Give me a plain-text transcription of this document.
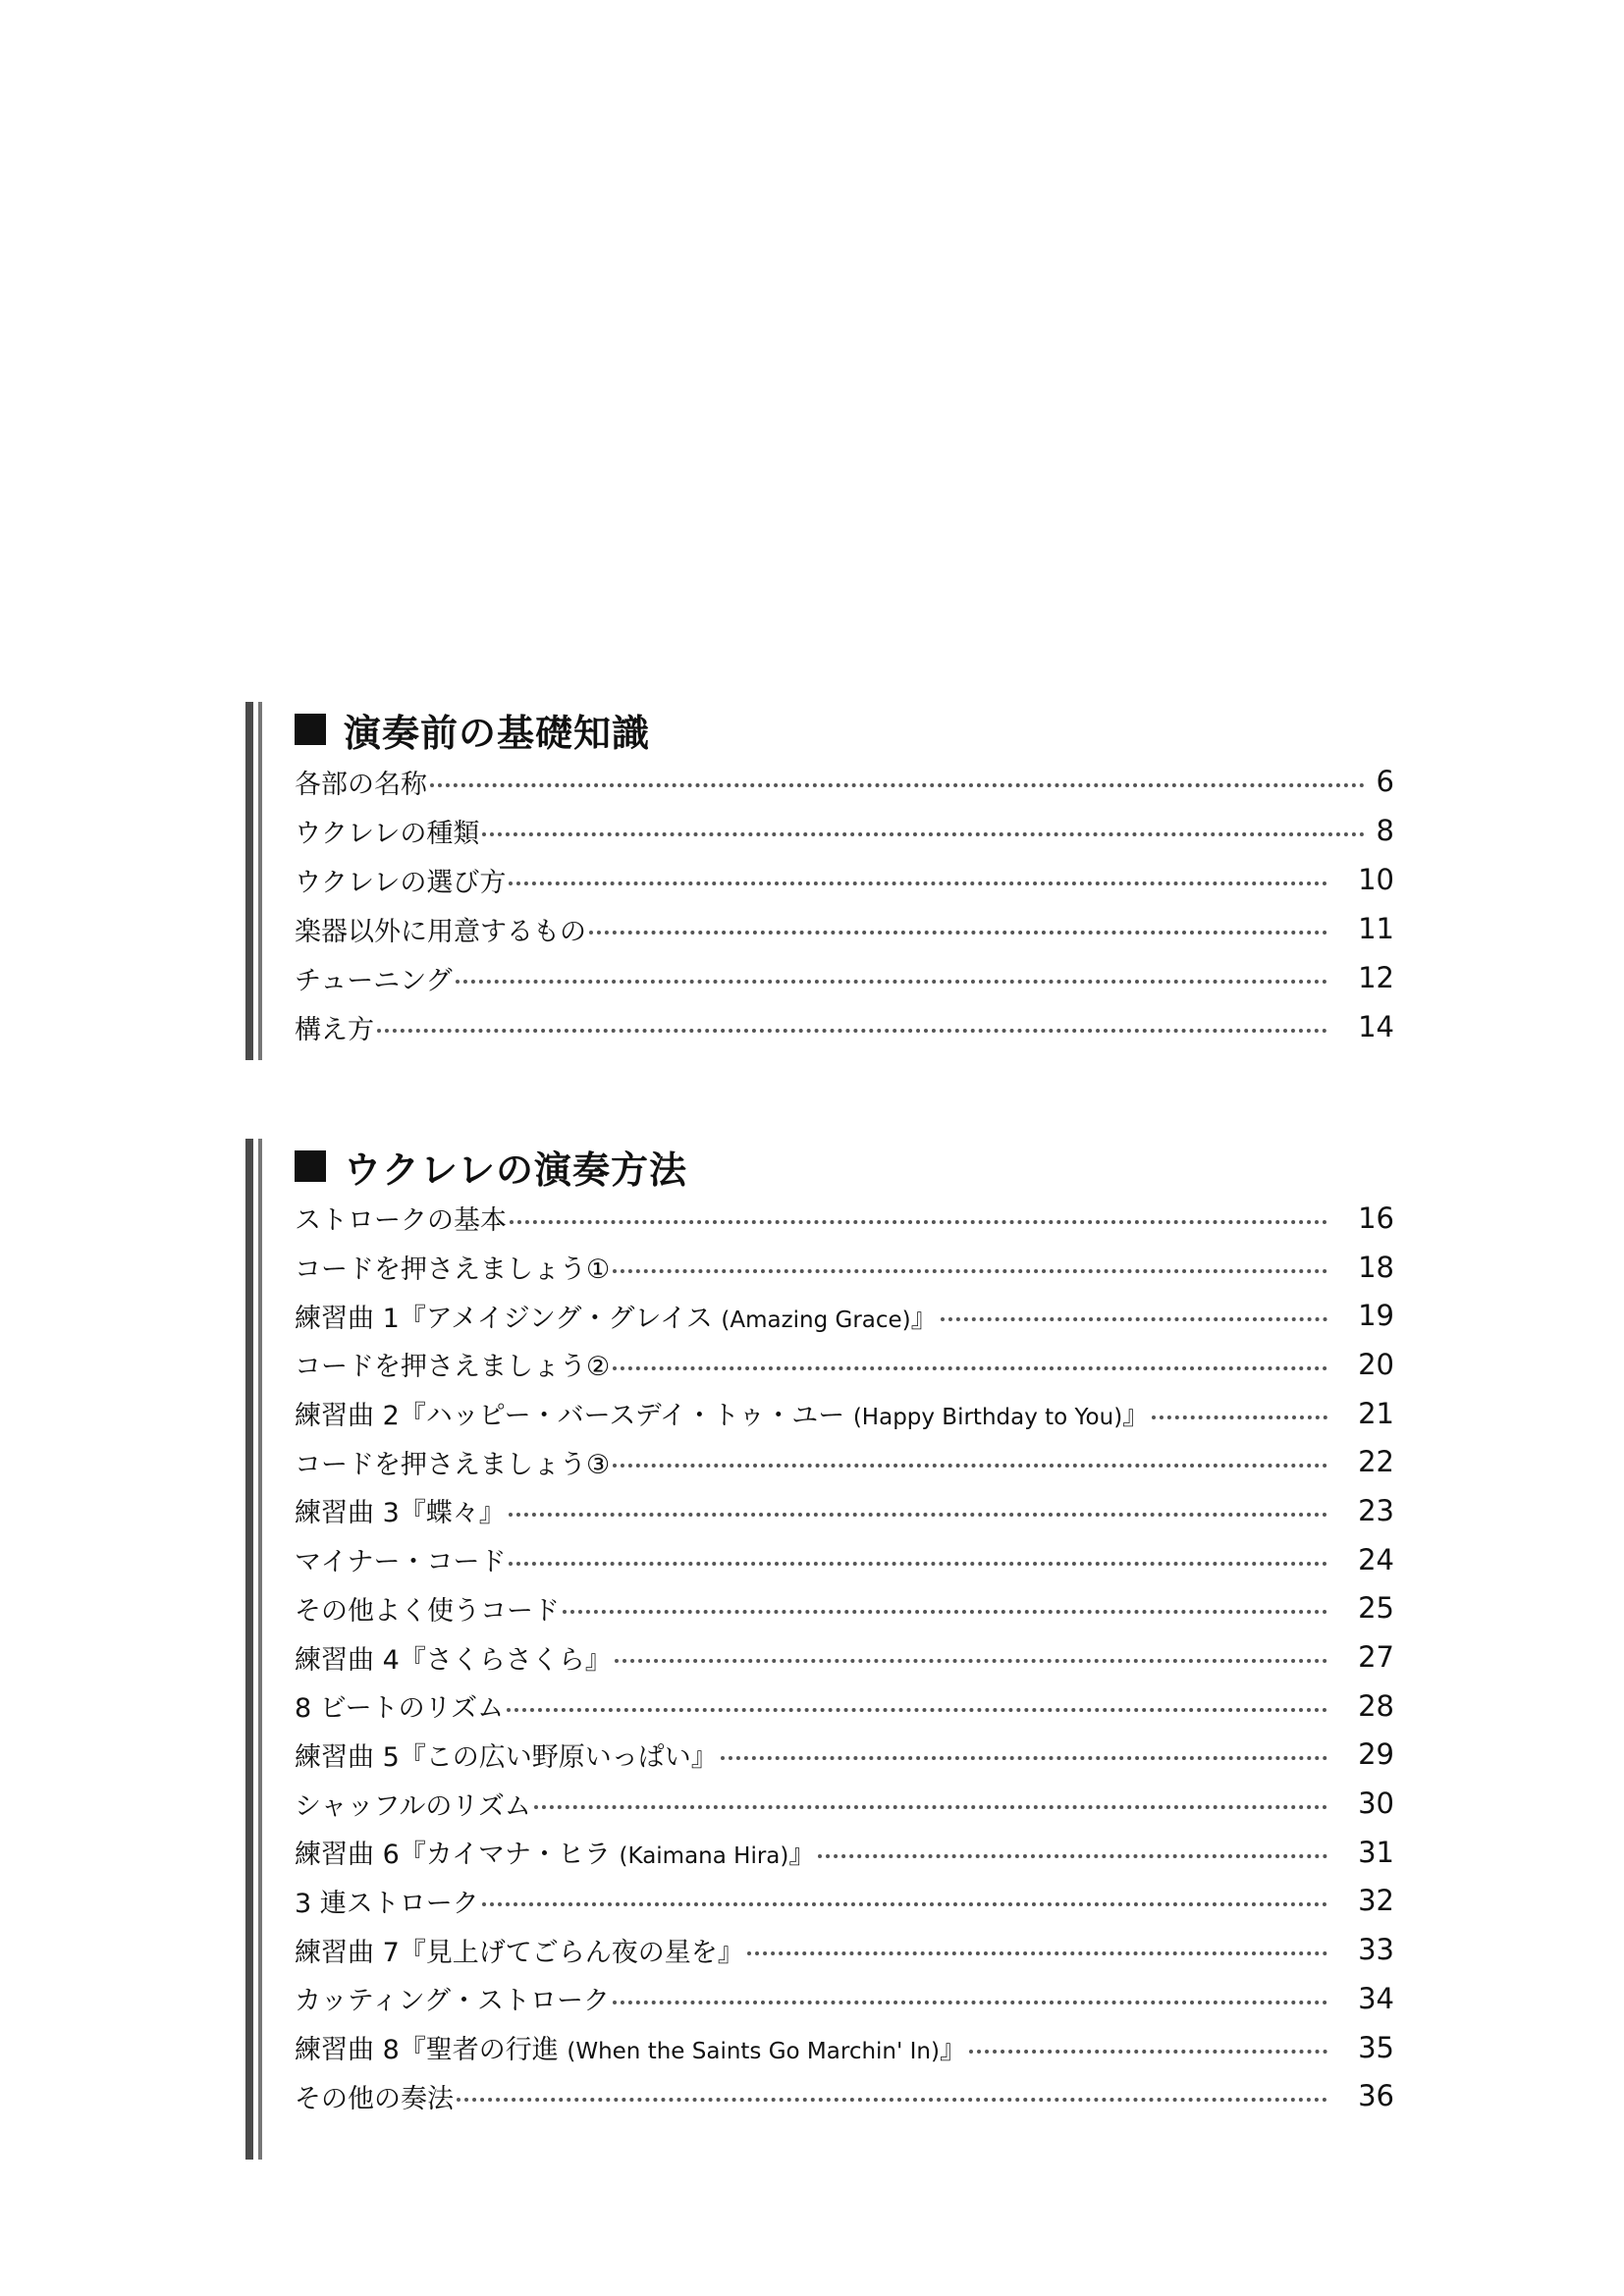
演奏前の基礎知識
各部の名称	6
ウクレレの種類	8
ウクレレの選び方	10
楽器以外に用意するもの	11
チューニング	12
構え方	14
ウクレレの演奏方法
ストロークの基本	16
コードを押さえましょう①	18
練習曲 1『アメイジング・グレイス (Amazing Grace)』	19
コードを押さえましょう②	20
練習曲 2『ハッピー・バースデイ・トゥ・ユー (Happy Birthday to You)』	21
コードを押さえましょう③	22
練習曲 3『蝶々』	23
マイナー・コード	24
その他よく使うコード	25
練習曲 4『さくらさくら』	27
8 ビートのリズム	28
練習曲 5『この広い野原いっぱい』	29
シャッフルのリズム	30
練習曲 6『カイマナ・ヒラ (Kaimana Hira)』	31
3 連ストローク	32
練習曲 7『見上げてごらん夜の星を』	33
カッティング・ストローク	34
練習曲 8『聖者の行進 (When the Saints Go Marchin' In)』	35
その他の奏法	36
